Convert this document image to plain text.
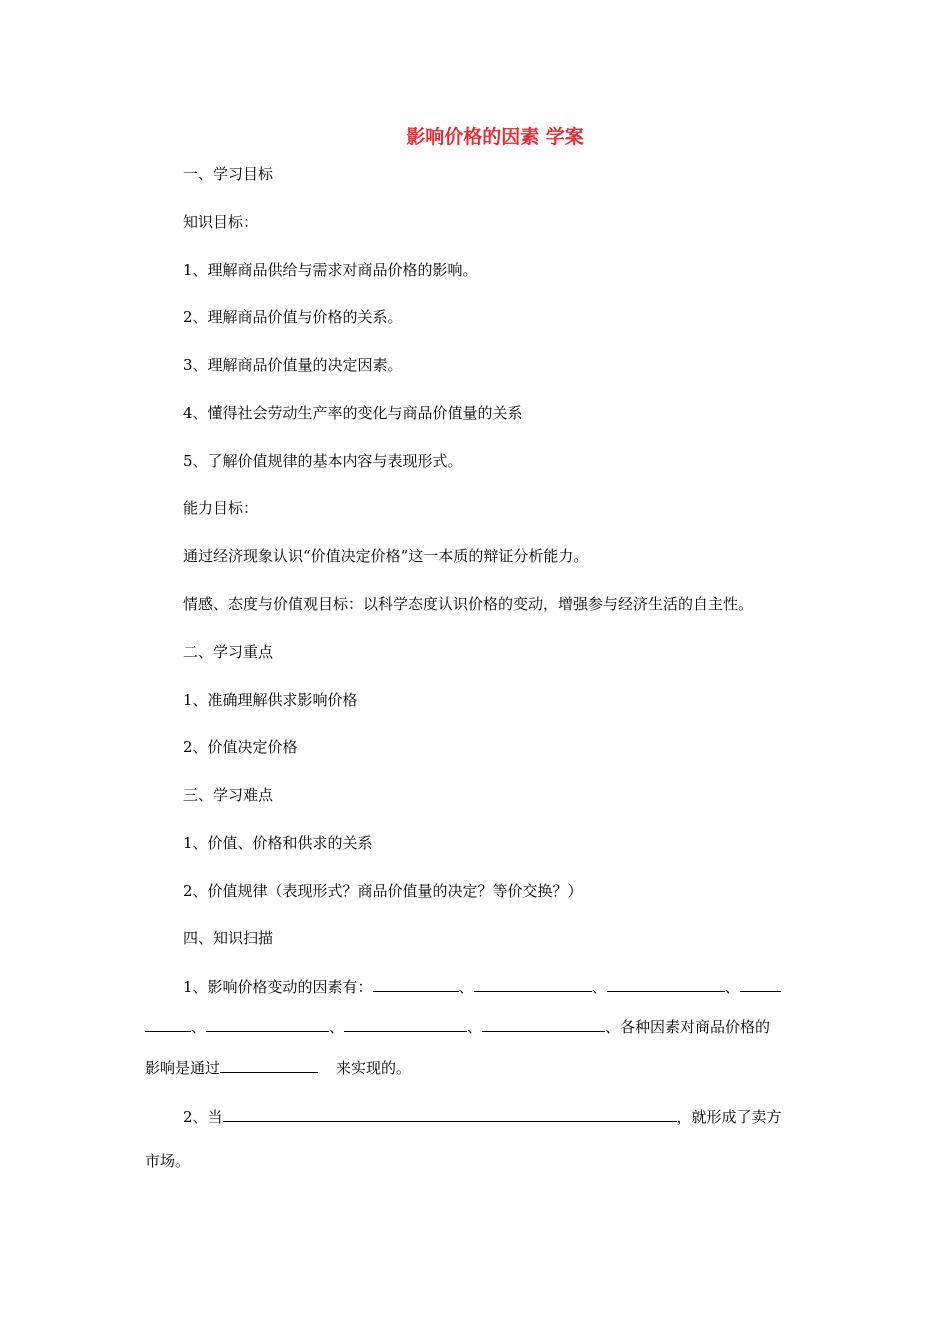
影响价格的因素 学案
一、学习目标
知识目标：
1、理解商品供给与需求对商品价格的影响。
2、理解商品价值与价格的关系。
3、理解商品价值量的决定因素。
4、懂得社会劳动生产率的变化与商品价值量的关系
5、了解价值规律的基本内容与表现形式。
能力目标：
通过经济现象认识“价值决定价格”这一本质的辩证分析能力。
情感、态度与价值观目标：以科学态度认识价格的变动，增强参与经济生活的自主性。
二、学习重点
1、准确理解供求影响价格
2、价值决定价格
三、学习难点
1、价值、价格和供求的关系
2、价值规律（表现形式？商品价值量的决定？等价交换？）
四、知识扫描
1、影响价格变动的因素有：	、	、	、
、	、	、	、各种因素对商品价格的
影响是通过	来实现的。
2、当	，就形成了卖方
市场。
